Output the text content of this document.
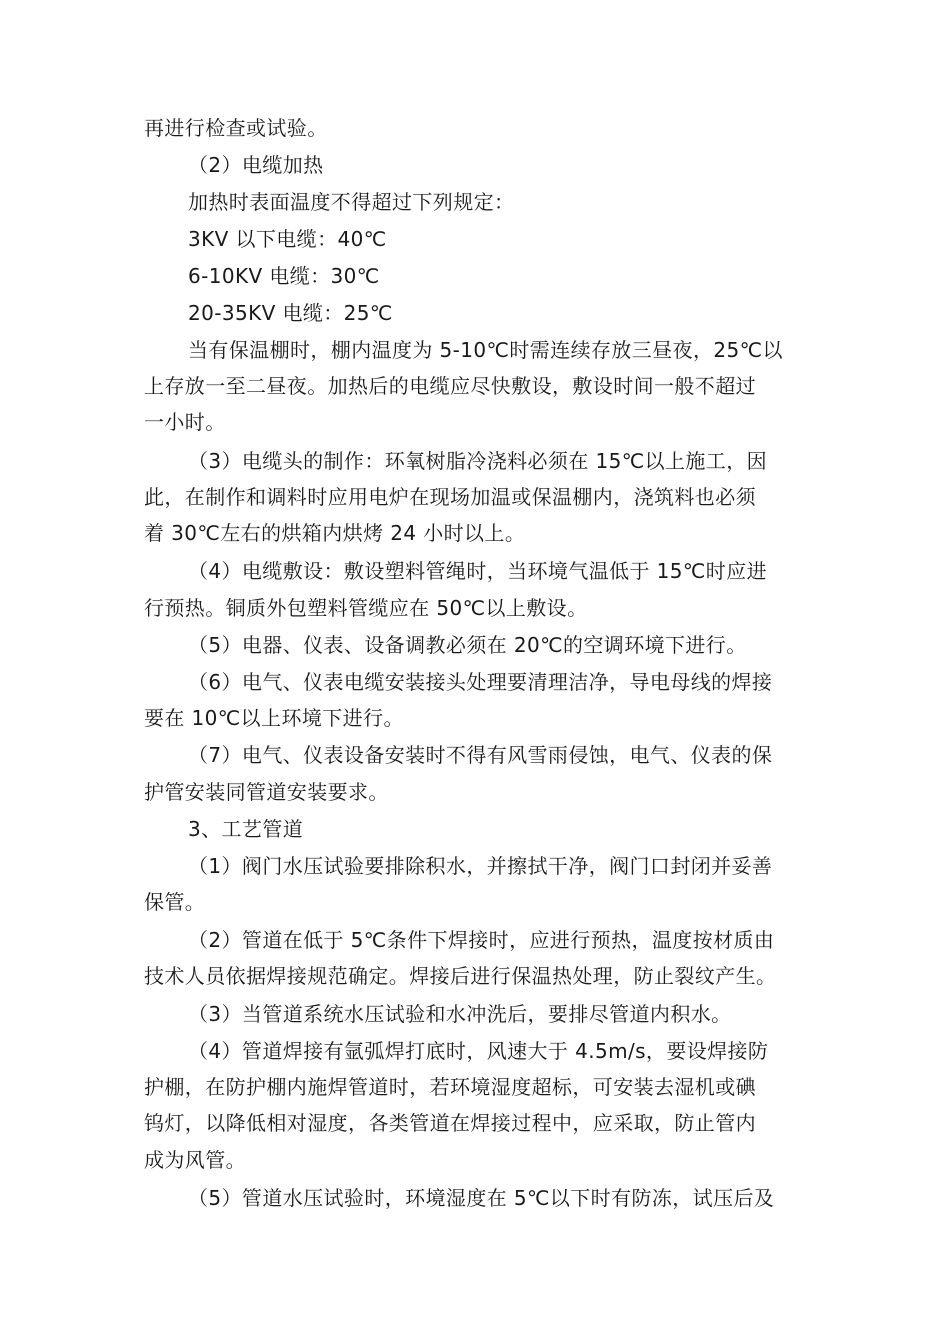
再进行检查或试验。
（2）电缆加热
加热时表面温度不得超过下列规定：
3KV 以下电缆：40℃
6-10KV 电缆：30℃
20-35KV 电缆：25℃
当有保温棚时，棚内温度为 5-10℃时需连续存放三昼夜，25℃以
上存放一至二昼夜。加热后的电缆应尽快敷设，敷设时间一般不超过
一小时。
（3）电缆头的制作：环氧树脂冷浇料必须在 15℃以上施工，因
此，在制作和调料时应用电炉在现场加温或保温棚内，浇筑料也必须
着 30℃左右的烘箱内烘烤 24 小时以上。
（4）电缆敷设：敷设塑料管绳时，当环境气温低于 15℃时应进
行预热。铜质外包塑料管缆应在 50℃以上敷设。
（5）电器、仪表、设备调教必须在 20℃的空调环境下进行。
（6）电气、仪表电缆安装接头处理要清理洁净，导电母线的焊接
要在 10℃以上环境下进行。
（7）电气、仪表设备安装时不得有风雪雨侵蚀，电气、仪表的保
护管安装同管道安装要求。
3、工艺管道
（1）阀门水压试验要排除积水，并擦拭干净，阀门口封闭并妥善
保管。
（2）管道在低于 5℃条件下焊接时，应进行预热，温度按材质由
技术人员依据焊接规范确定。焊接后进行保温热处理，防止裂纹产生。
（3）当管道系统水压试验和水冲洗后，要排尽管道内积水。
（4）管道焊接有氩弧焊打底时，风速大于 4.5m/s，要设焊接防
护棚，在防护棚内施焊管道时，若环境湿度超标，可安装去湿机或碘
钨灯，以降低相对湿度，各类管道在焊接过程中，应采取，防止管内
成为风管。
（5）管道水压试验时，环境湿度在 5℃以下时有防冻，试压后及
